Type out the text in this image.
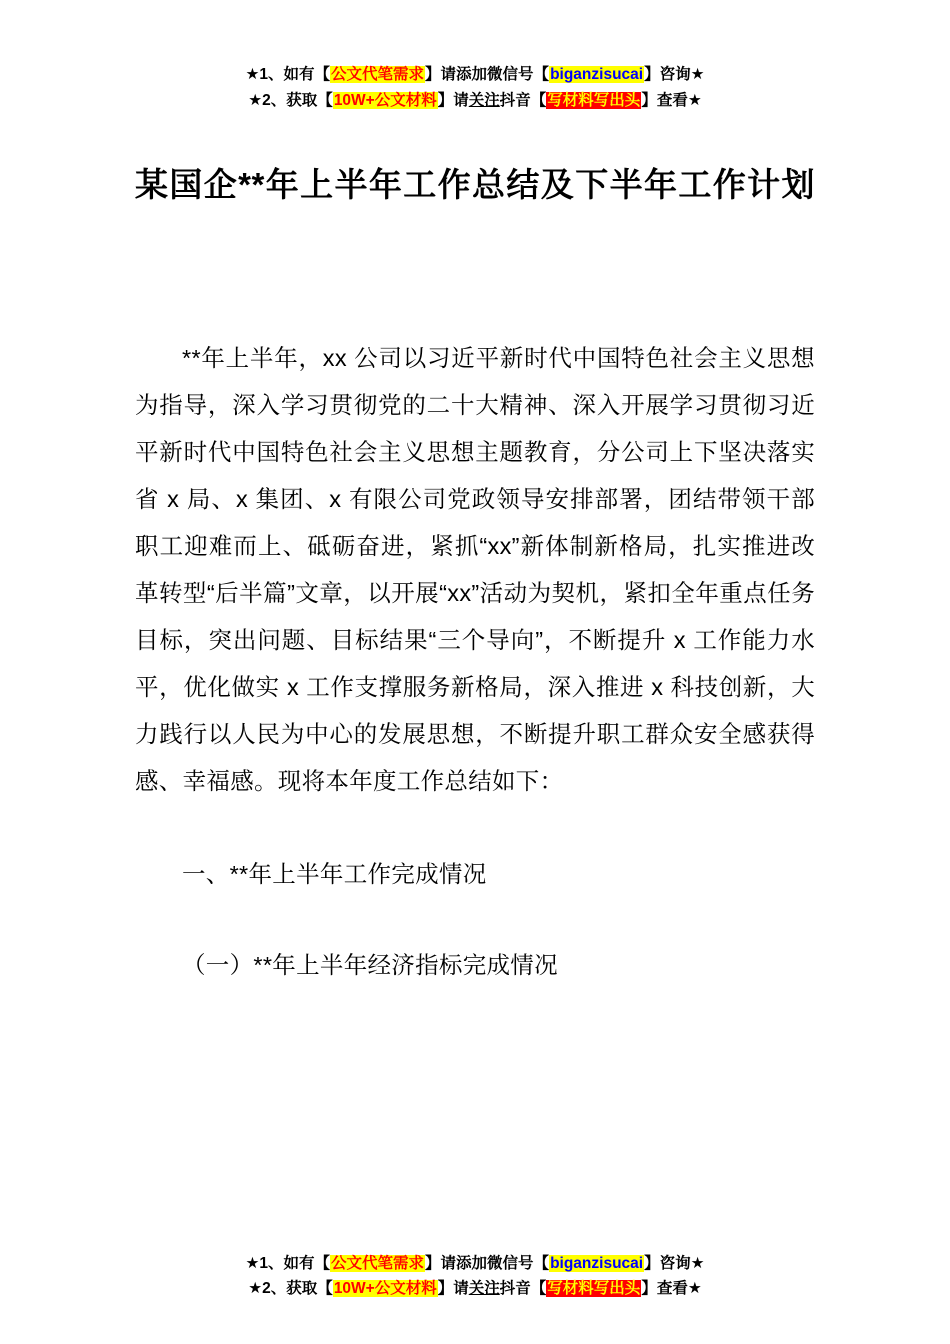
★1、如有【公文代笔需求】请添加微信号【biganzisucai】咨询★
★2、获取【10W+公文材料】请关注抖音【写材料写出头】查看★
某国企**年上半年工作总结及下半年工作计划

**年上半年，xx 公司以习近平新时代中国特色社会主义思想为指导，深入学习贯彻党的二十大精神、深入开展学习贯彻习近平新时代中国特色社会主义思想主题教育，分公司上下坚决落实省 x 局、x 集团、x 有限公司党政领导安排部署，团结带领干部职工迎难而上、砥砺奋进，紧抓“xx”新体制新格局，扎实推进改革转型“后半篇”文章，以开展“xx”活动为契机，紧扣全年重点任务目标，突出问题、目标结果“三个导向”，不断提升 x 工作能力水平，优化做实 x 工作支撑服务新格局，深入推进 x 科技创新，大力践行以人民为中心的发展思想，不断提升职工群众安全感获得感、幸福感。现将本年度工作总结如下：

一、**年上半年工作完成情况

（一）**年上半年经济指标完成情况

★1、如有【公文代笔需求】请添加微信号【biganzisucai】咨询★
★2、获取【10W+公文材料】请关注抖音【写材料写出头】查看★
